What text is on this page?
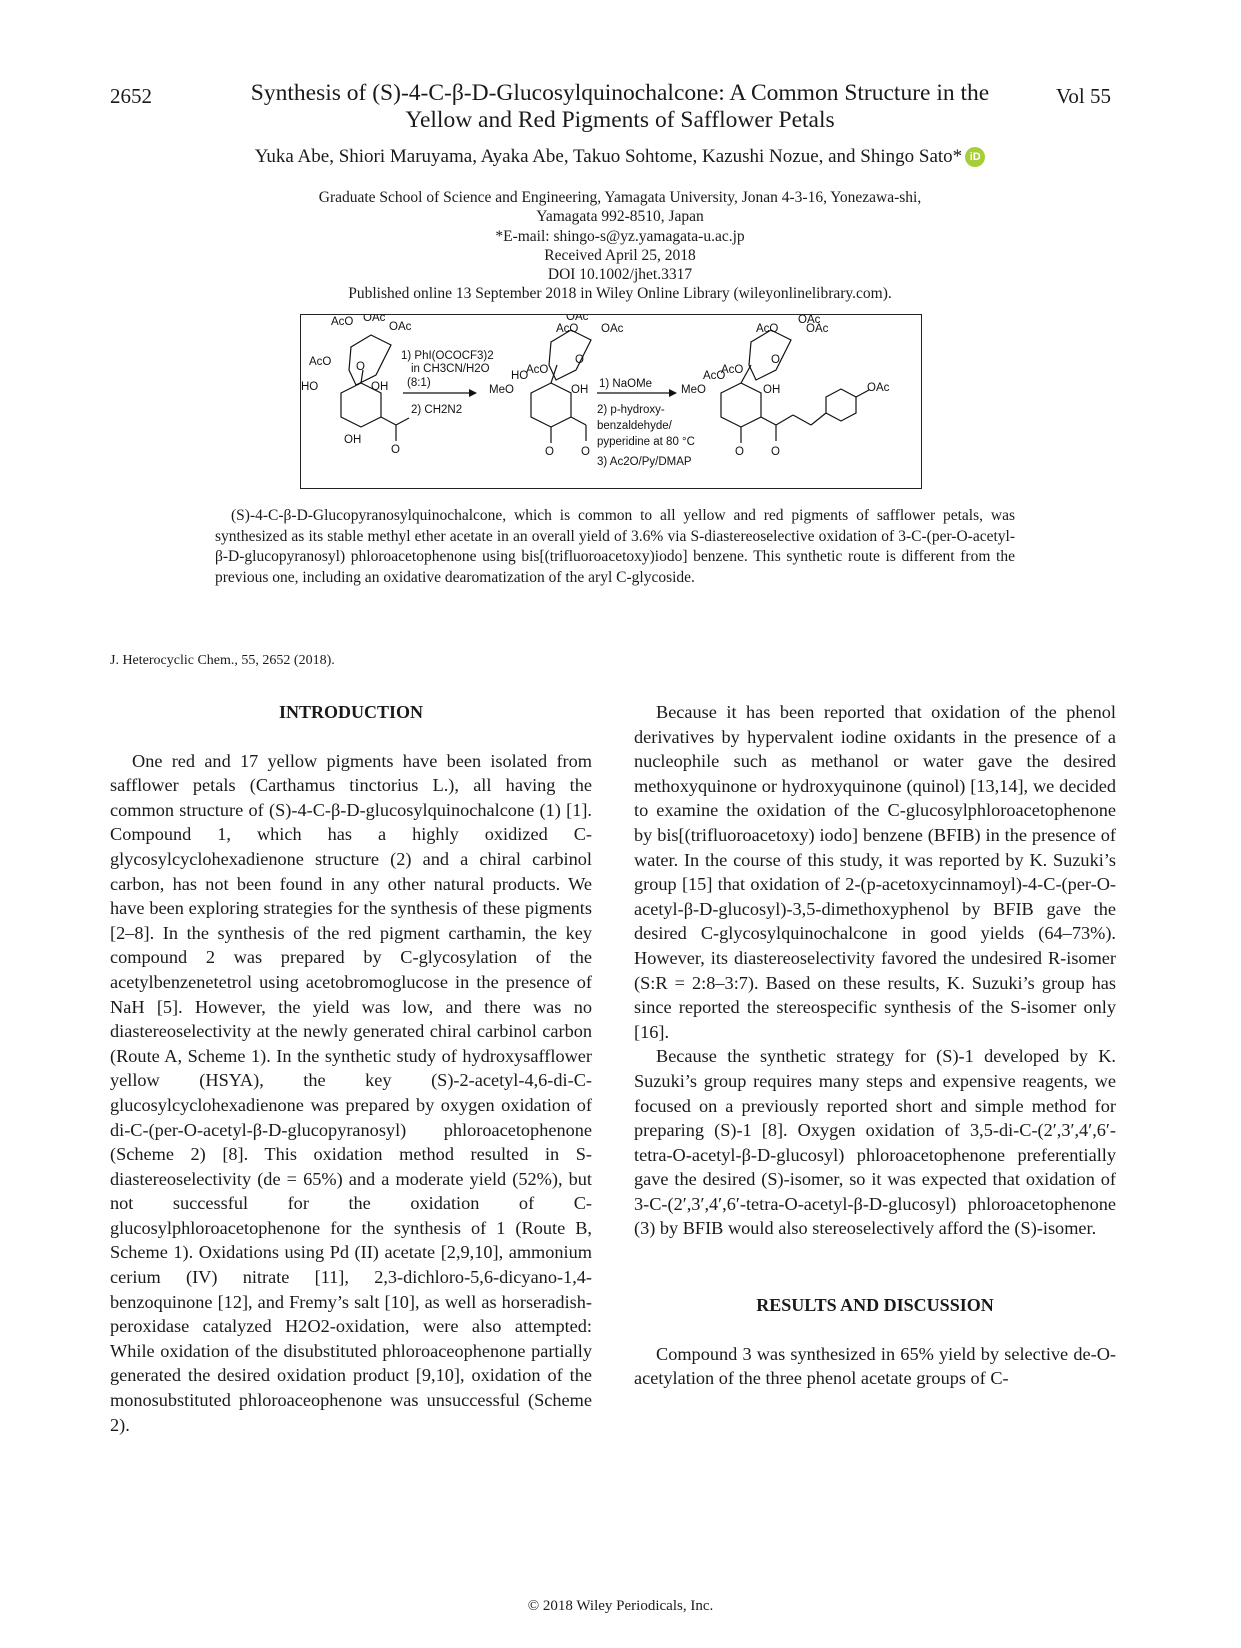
2652	Synthesis of (S)-4-C-β-D-Glucosylquinochalcone: A Common Structure in the Yellow and Red Pigments of Safflower Petals
Vol 55
Yuka Abe, Shiori Maruyama, Ayaka Abe, Takuo Sohtome, Kazushi Nozue, and Shingo Sato* iD
Graduate School of Science and Engineering, Yamagata University, Jonan 4-3-16, Yonezawa-shi,
Yamagata 992-8510, Japan
*E-mail: shingo-s@yz.yamagata-u.ac.jp
Received April 25, 2018
DOI 10.1002/jhet.3317
Published online 13 September 2018 in Wiley Online Library (wileyonlinelibrary.com).
AcO OAc
OAc
AcO O
HO	OH
OH
O
1) PhI(OCOCF3)2
in CH3CN/H2O
(8:1)
2) CH2N2
OAc
AcO OAc
HO
AcO
O
MeO	OH
O O
1) NaOMe
2) p-hydroxy-
benzaldehyde/
pyperidine at 80 °C
3) Ac2O/Py/DMAP
AcO
OAc
OAc
AcO
AcO
O
MeO	OH
O O
OAc
(S)-4-C-β-D-Glucopyranosylquinochalcone, which is common to all yellow and red pigments of safflower petals, was synthesized as its stable methyl ether acetate in an overall yield of 3.6% via S-diastereoselective oxidation of 3-C-(per-O-acetyl-β-D-glucopyranosyl) phloroacetophenone using bis[(trifluoroacetoxy)iodo] benzene. This synthetic route is different from the previous one, including an oxidative dearomatization of the aryl C-glycoside.
J. Heterocyclic Chem., 55, 2652 (2018).
INTRODUCTION

One red and 17 yellow pigments have been isolated from safflower petals (Carthamus tinctorius L.), all having the common structure of (S)-4-C-β-D-glucosylquinochalcone (1) [1]. Compound 1, which has a highly oxidized C-glycosylcyclohexadienone structure (2) and a chiral carbinol carbon, has not been found in any other natural products. We have been exploring strategies for the synthesis of these pigments [2–8]. In the synthesis of the red pigment carthamin, the key compound 2 was prepared by C-glycosylation of the acetylbenzenetetrol using acetobromoglucose in the presence of NaH [5]. However, the yield was low, and there was no diastereoselectivity at the newly generated chiral carbinol carbon (Route A, Scheme 1). In the synthetic study of hydroxysafflower yellow (HSYA), the key (S)-2-acetyl-4,6-di-C-glucosylcyclohexadienone was prepared by oxygen oxidation of di-C-(per-O-acetyl-β-D-glucopyranosyl) phloroacetophenone (Scheme 2) [8]. This oxidation method resulted in S-diastereoselectivity (de = 65%) and a moderate yield (52%), but not successful for the oxidation of C-glucosylphloroacetophenone for the synthesis of 1 (Route B, Scheme 1). Oxidations using Pd (II) acetate [2,9,10], ammonium cerium (IV) nitrate [11], 2,3-dichloro-5,6-dicyano-1,4-benzoquinone [12], and Fremy’s salt [10], as well as horseradish-peroxidase catalyzed H2O2-oxidation, were also attempted: While oxidation of the disubstituted phloroaceophenone partially generated the desired oxidation product [9,10], oxidation of the monosubstituted phloroaceophenone was unsuccessful (Scheme 2).

Because it has been reported that oxidation of the phenol derivatives by hypervalent iodine oxidants in the presence of a nucleophile such as methanol or water gave the desired methoxyquinone or hydroxyquinone (quinol) [13,14], we decided to examine the oxidation of the C-glucosylphloroacetophenone by bis[(trifluoroacetoxy) iodo] benzene (BFIB) in the presence of water. In the course of this study, it was reported by K. Suzuki’s group [15] that oxidation of 2-(p-acetoxycinnamoyl)-4-C-(per-O-acetyl-β-D-glucosyl)-3,5-dimethoxyphenol by BFIB gave the desired C-glycosylquinochalcone in good yields (64–73%). However, its diastereoselectivity favored the undesired R-isomer (S:R = 2:8–3:7). Based on these results, K. Suzuki’s group has since reported the stereospecific synthesis of the S-isomer only [16].

Because the synthetic strategy for (S)-1 developed by K. Suzuki’s group requires many steps and expensive reagents, we focused on a previously reported short and simple method for preparing (S)-1 [8]. Oxygen oxidation of 3,5-di-C-(2′,3′,4′,6′-tetra-O-acetyl-β-D-glucosyl) phloroacetophenone preferentially gave the desired (S)-isomer, so it was expected that oxidation of 3-C-(2′,3′,4′,6′-tetra-O-acetyl-β-D-glucosyl) phloroacetophenone (3) by BFIB would also stereoselectively afford the (S)-isomer.

RESULTS AND DISCUSSION

Compound 3 was synthesized in 65% yield by selective de-O-acetylation of the three phenol acetate groups of C-

© 2018 Wiley Periodicals, Inc.
